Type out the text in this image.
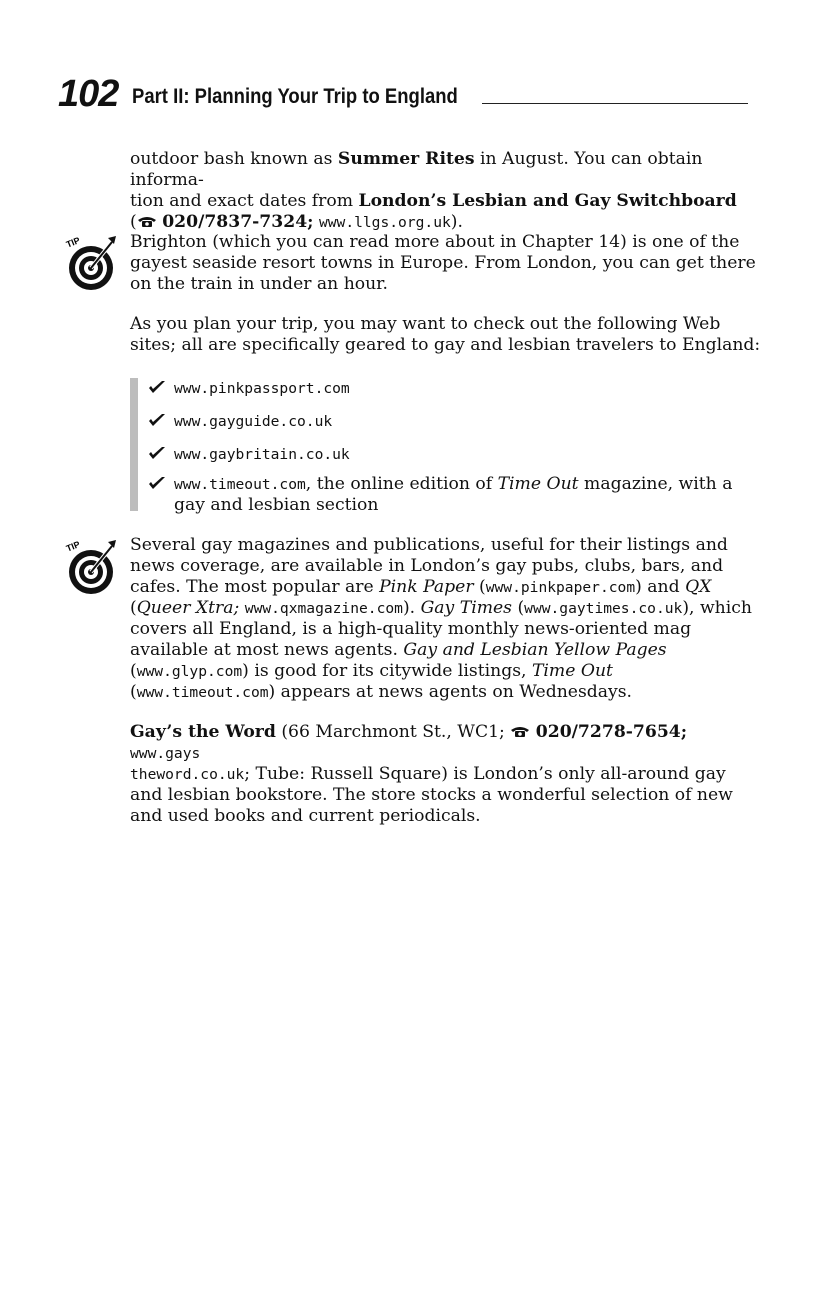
102 Part II: Planning Your Trip to England

outdoor bash known as Summer Rites in August. You can obtain informa-
tion and exact dates from London’s Lesbian and Gay Switchboard
( 020/7837-7324; www.llgs.org.uk).

TIP	Brighton (which you can read more about in Chapter 14) is one of the gayest seaside resort towns in Europe. From London, you can get there on the train in under an hour.

As you plan your trip, you may want to check out the following Web sites; all are specifically geared to gay and lesbian travelers to England:

www.pinkpassport.com
www.gayguide.co.uk
www.gaybritain.co.uk
www.timeout.com, the online edition of Time Out magazine, with a
gay and lesbian section
TIP	Several gay magazines and publications, useful for their listings and news coverage, are available in London’s gay pubs, clubs, bars, and cafes. The most popular are Pink Paper (www.pinkpaper.com) and QX (Queer Xtra; www.qxmagazine.com). Gay Times (www.gaytimes.co.uk), which covers all England, is a high-quality monthly news-oriented mag available at most news agents. Gay and Lesbian Yellow Pages (www.glyp.com) is good for its citywide listings, Time Out (www.timeout.com) appears at news agents on Wednesdays.

Gay’s the Word (66 Marchmont St., WC1;  020/7278-7654; www.gays
theword.co.uk; Tube: Russell Square) is London’s only all-around gay
and lesbian bookstore. The store stocks a wonderful selection of new
and used books and current periodicals.
